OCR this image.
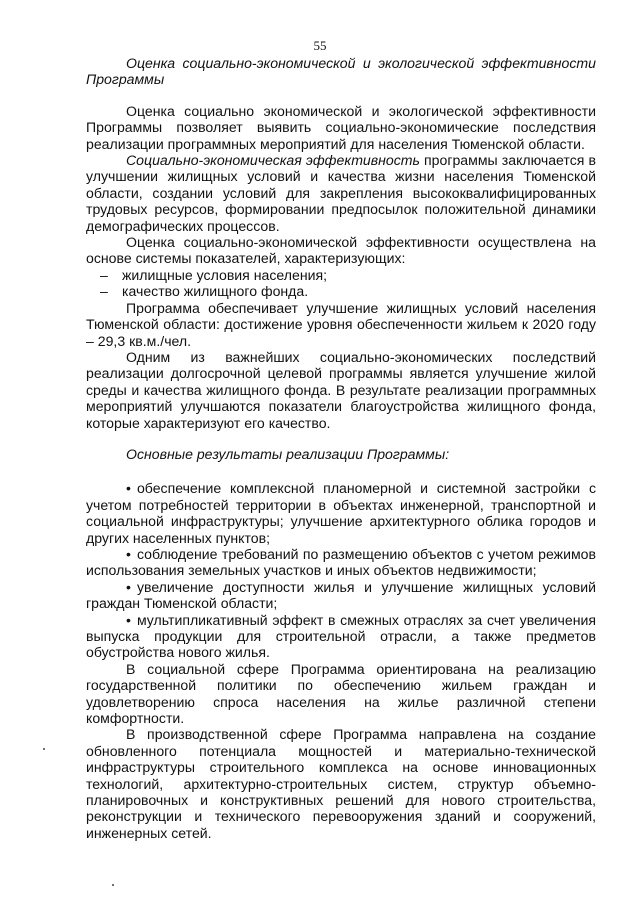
55

Оценка социально-экономической и экологической эффективности Программы

Оценка социально экономической и экологической эффективности Программы позволяет выявить социально-экономические последствия реализации программных мероприятий для населения Тюменской области.

Социально-экономическая эффективность программы заключается в улучшении жилищных условий и качества жизни населения Тюменской области, создании условий для закрепления высококвалифицированных трудовых ресурсов, формировании предпосылок положительной динамики демографических процессов.

Оценка социально-экономической эффективности осуществлена на основе системы показателей, характеризующих:

– жилищные условия населения;

– качество жилищного фонда.

Программа обеспечивает улучшение жилищных условий населения Тюменской области: достижение уровня обеспеченности жильем к 2020 году – 29,3 кв.м./чел.

Одним из важнейших социально-экономических последствий реализации долгосрочной целевой программы является улучшение жилой среды и качества жилищного фонда. В результате реализации программных мероприятий улучшаются показатели благоустройства жилищного фонда, которые характеризуют его качество.

Основные результаты реализации Программы:

• обеспечение комплексной планомерной и системной застройки с учетом потребностей территории в объектах инженерной, транспортной и социальной инфраструктуры; улучшение архитектурного облика городов и других населенных пунктов;

• соблюдение требований по размещению объектов с учетом режимов использования земельных участков и иных объектов недвижимости;

• увеличение доступности жилья и улучшение жилищных условий граждан Тюменской области;

• мультипликативный эффект в смежных отраслях за счет увеличения выпуска продукции для строительной отрасли, а также предметов обустройства нового жилья.

В социальной сфере Программа ориентирована на реализацию государственной политики по обеспечению жильем граждан и удовлетворению спроса населения на жилье различной степени комфортности.

В производственной сфере Программа направлена на создание обновленного потенциала мощностей и материально-технической инфраструктуры строительного комплекса на основе инновационных технологий, архитектурно-строительных систем, структур объемно-планировочных и конструктивных решений для нового строительства, реконструкции и технического перевооружения зданий и сооружений, инженерных сетей.
